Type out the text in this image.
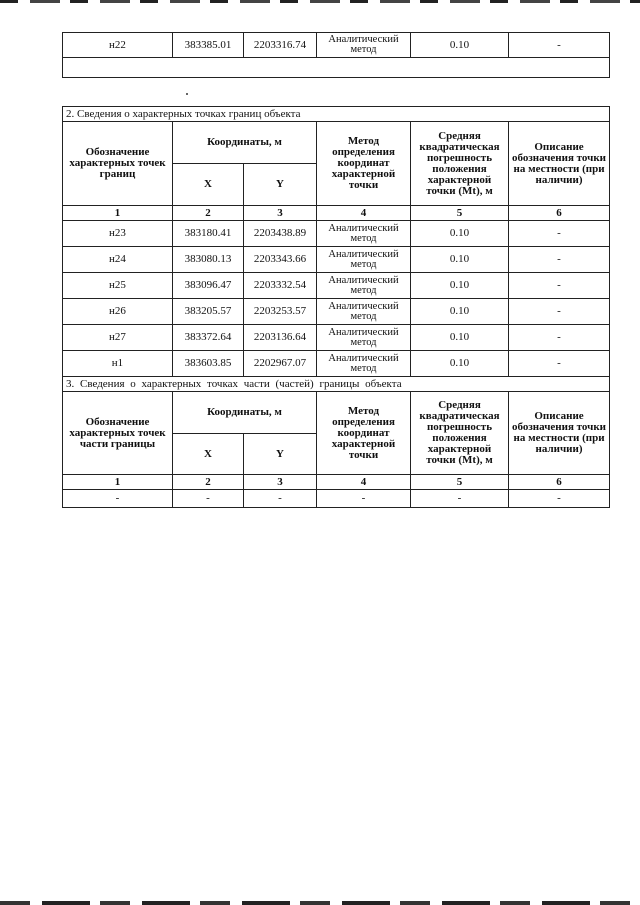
н22	383385.01	2203316.74	Аналитический метод	0.10	-

2. Сведения о характерных точках границ объекта					
Обозначение характерных точек границ	Координаты, м		Метод определения координат характерной точки	Средняя квадратическая погрешность положения характерной точки (Mt), м	Описание обозначения точки на местности (при наличии)
	X	Y			
1	2	3	4	5	6
н23	383180.41	2203438.89	Аналитический метод	0.10	-
н24	383080.13	2203343.66	Аналитический метод	0.10	-
н25	383096.47	2203332.54	Аналитический метод	0.10	-
н26	383205.57	2203253.57	Аналитический метод	0.10	-
н27	383372.64	2203136.64	Аналитический метод	0.10	-
н1	383603.85	2202967.07	Аналитический метод	0.10	-
3. Сведения о характерных точках части (частей) границы объекта					
Обозначение характерных точек части границы	Координаты, м		Метод определения координат характерной точки	Средняя квадратическая погрешность положения характерной точки (Mt), м	Описание обозначения точки на местности (при наличии)
	X	Y			
1	2	3	4	5	6
-	-	-	-	-	-
